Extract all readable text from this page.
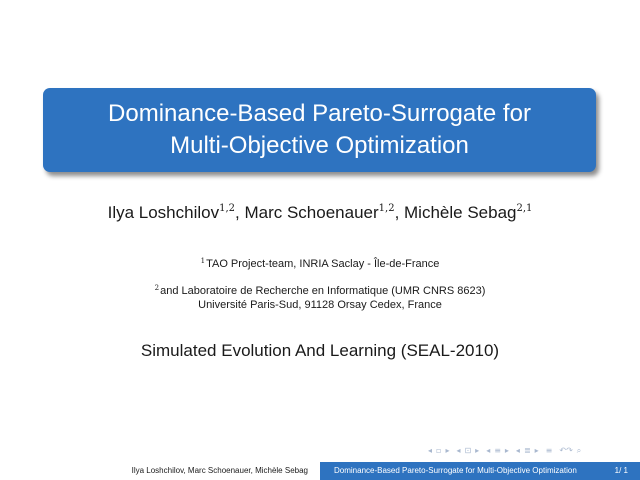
Dominance-Based Pareto-Surrogate for
Multi-Objective Optimization
Ilya Loshchilov$^{1,2}$, Marc Schoenauer$^{1,2}$, Michèle Sebag$^{2,1}$
$^1$TAO Project-team, INRIA Saclay - Île-de-France
$^2$and Laboratoire de Recherche en Informatique (UMR CNRS 8623)
Université Paris-Sud, 91128 Orsay Cedex, France
Simulated Evolution And Learning (SEAL-2010)
◂ ▫ ▸ ◂ ⊡ ▸ ◂ ≡ ▸ ◂ ≣ ▸ ≡ ↶↷ ⌕
Ilya Loshchilov, Marc Schoenauer, Michèle Sebag	Dominance-Based Pareto-Surrogate for Multi-Objective Optimization	1/ 1
